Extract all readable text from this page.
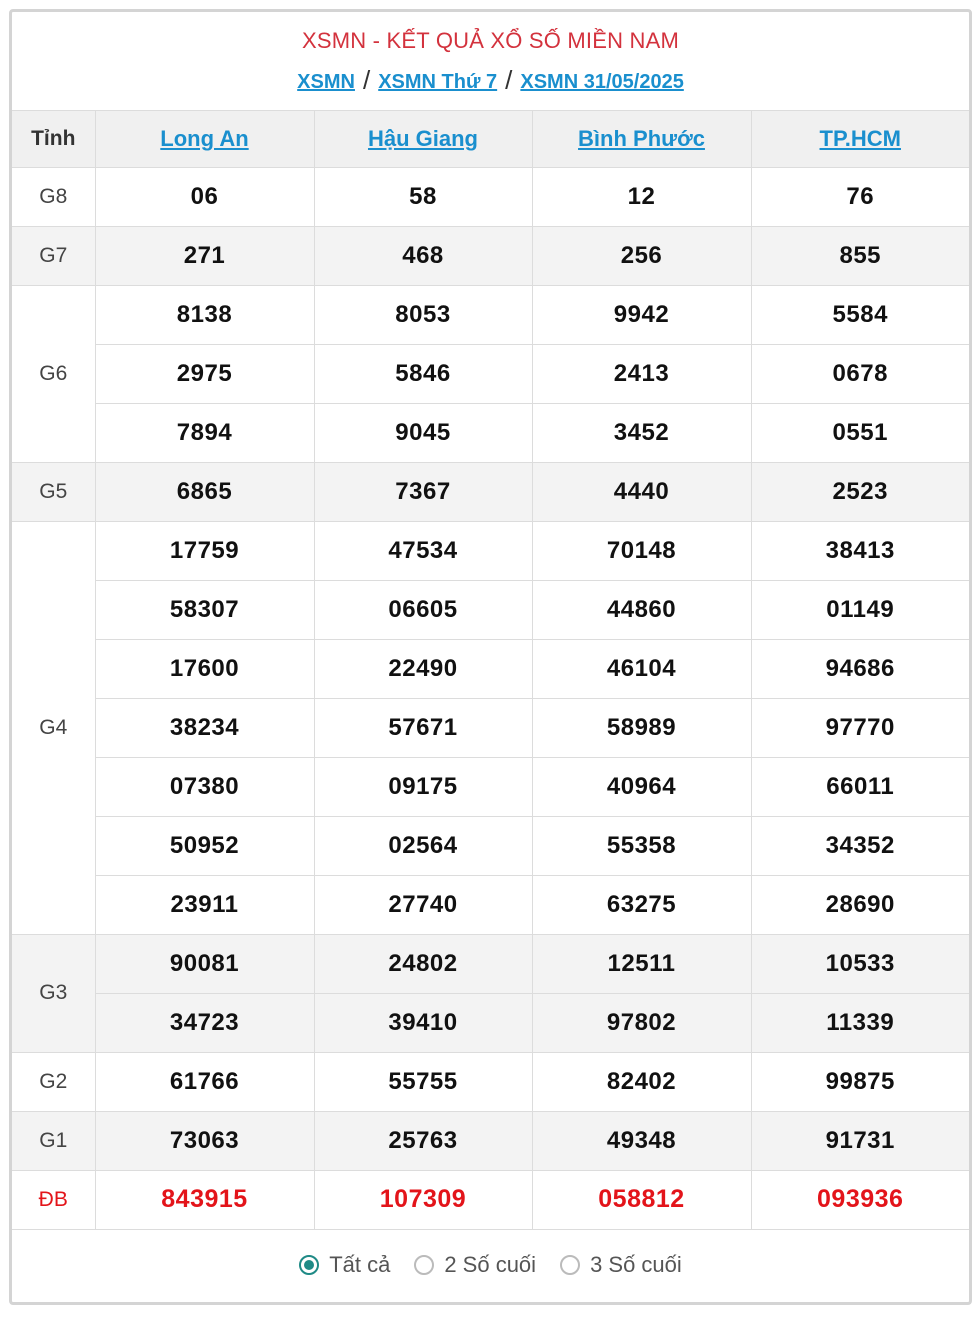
XSMN - KẾT QUẢ XỔ SỐ MIỀN NAM
XSMN / XSMN Thứ 7 / XSMN 31/05/2025
Tỉnh	Long An	Hậu Giang	Bình Phước	TP.HCM
G8	06	58	12	76
G7	271	468	256	855
G6	8138	8053	9942	5584
	2975	5846	2413	0678
	7894	9045	3452	0551
G5	6865	7367	4440	2523
G4	17759	47534	70148	38413
	58307	06605	44860	01149
	17600	22490	46104	94686
	38234	57671	58989	97770
	07380	09175	40964	66011
	50952	02564	55358	34352
	23911	27740	63275	28690
G3	90081	24802	12511	10533
	34723	39410	97802	11339
G2	61766	55755	82402	99875
G1	73063	25763	49348	91731
ĐB	843915	107309	058812	093936
Tất cả 2 Số cuối 3 Số cuối
